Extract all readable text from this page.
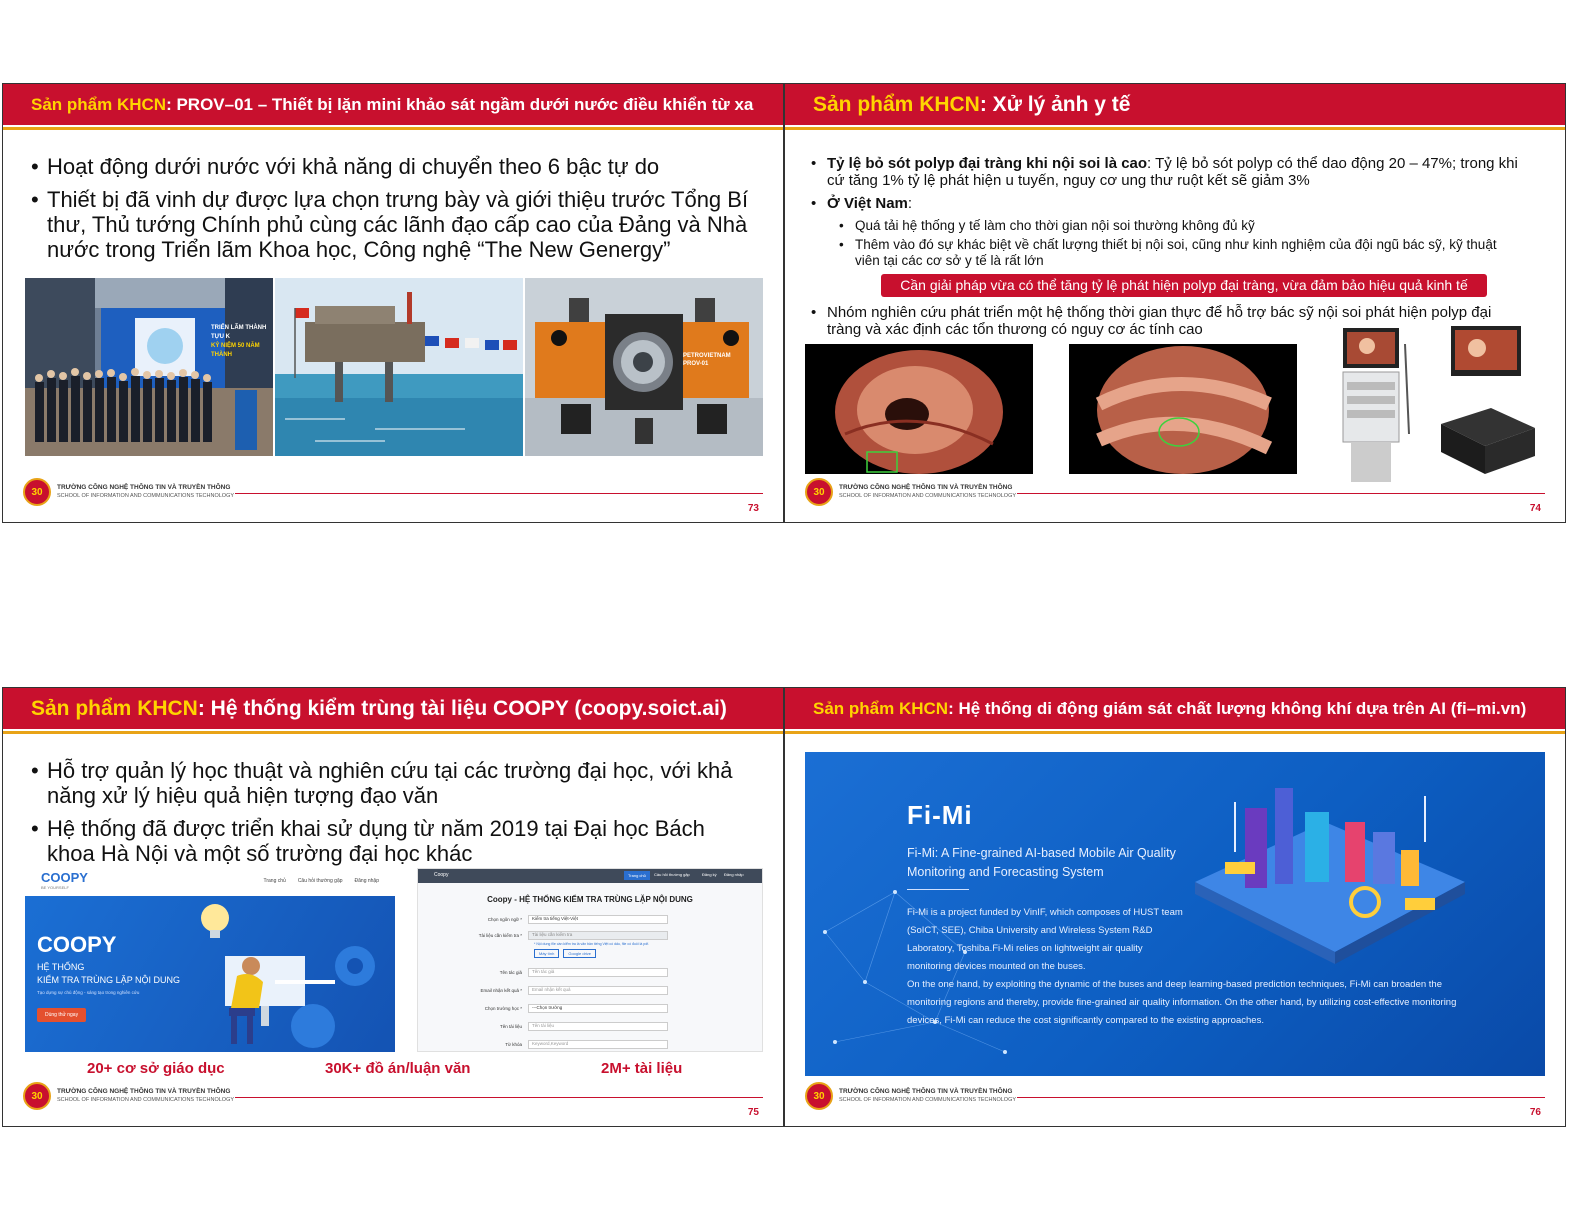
Sản phẩm KHCN : PROV–01 – Thiết bị lặn mini khảo sát ngầm dưới nước điều khiển từ xa
• Hoạt động dưới nước với khả năng di chuyển theo 6 bậc tự do
• Thiết bị đã vinh dự được lựa chọn trưng bày và giới thiệu trước Tổng Bí thư, Thủ tướng Chính phủ cùng các lãnh đạo cấp cao của Đảng và Nhà nước trong Triển lãm Khoa học, Công nghệ “The New Genergy”
TRIỂN LÃM THÀNH TỰU K
KỶ NIỆM 50 NĂM THÀNH	PETROVIETNAM
PROV-01
30	TRƯỜNG CÔNG NGHỆ THÔNG TIN VÀ TRUYỀN THÔNG
SCHOOL OF INFORMATION AND COMMUNICATIONS TECHNOLOGY
73
Sản phẩm KHCN : Xử lý ảnh y tế
• Tỷ lệ bỏ sót polyp đại tràng khi nội soi là cao: Tỷ lệ bỏ sót polyp có thể dao động 20 – 47%; trong khi cứ tăng 1% tỷ lệ phát hiện u tuyến, nguy cơ ung thư ruột kết sẽ giảm 3%
• Ở Việt Nam:
• Quá tải hệ thống y tế làm cho thời gian nội soi thường không đủ kỹ
• Thêm vào đó sự khác biệt về chất lượng thiết bị nội soi, cũng như kinh nghiệm của đội ngũ bác sỹ, kỹ thuật viên tại các cơ sở y tế là rất lớn
Cần giải pháp vừa có thể tăng tỷ lệ phát hiện polyp đại tràng, vừa đảm bảo hiệu quả kinh tế
• Nhóm nghiên cứu phát triển một hệ thống thời gian thực để hỗ trợ bác sỹ nội soi phát hiện polyp đại tràng và xác định các tổn thương có nguy cơ ác tính cao
30	TRƯỜNG CÔNG NGHỆ THÔNG TIN VÀ TRUYỀN THÔNG
SCHOOL OF INFORMATION AND COMMUNICATIONS TECHNOLOGY
74
Sản phẩm KHCN : Hệ thống kiểm trùng tài liệu COOPY (coopy.soict.ai)
• Hỗ trợ quản lý học thuật và nghiên cứu tại các trường đại học, với khả năng xử lý hiệu quả hiện tượng đạo văn
• Hệ thống đã được triển khai sử dụng từ năm 2019 tại Đại học Bách khoa Hà Nội và một số trường đại học khác
COOPY
BE YOURSELF
Trang chủ Câu hỏi thường gặp Đăng nhập
COOPY
HỆ THỐNG
KIỂM TRA TRÙNG LẶP NỘI DUNG
Tạo dựng sự chủ động - sáng tạo trong nghiên cứu
Dùng thử ngay
Coopy	Trang chủ	Câu hỏi thường gặp	Đăng ký Đăng nhập
Coopy - HỆ THỐNG KIỂM TRA TRÙNG LẶP NỘI DUNG
Chọn ngôn ngữ *	Kiểm tra tiếng Việt-Việt
Tài liệu cần kiểm tra *	Tài liệu cần kiểm tra
* Nội dung file cần kiểm tra là văn bản tiếng Việt có dấu, file có đuôi là pdf.
Máy tính	Google drive
Tên tác giả	Tên tác giả
Email nhận kết quả *	Email nhận kết quả
Chọn trường học *	---Chọn trường
Tên tài liệu	Tên tài liệu
Từ khóa	Keyword,Keyword
20+ cơ sở giáo dục	30K+ đồ án/luận văn	2M+ tài liệu
30	TRƯỜNG CÔNG NGHỆ THÔNG TIN VÀ TRUYỀN THÔNG
SCHOOL OF INFORMATION AND COMMUNICATIONS TECHNOLOGY
75
Sản phẩm KHCN : Hệ thống di động giám sát chất lượng không khí dựa trên AI (fi–mi.vn)
Fi-Mi
Fi-Mi: A Fine-grained AI-based Mobile Air Quality Monitoring and Forecasting System
Fi-Mi is a project funded by VinIF, which composes of HUST team (SoICT, SEE), Chiba University and Wireless System R&D Laboratory, Toshiba.Fi-Mi relies on lightweight air quality monitoring devices mounted on the buses.
On the one hand, by exploiting the dynamic of the buses and deep learning-based prediction techniques, Fi-Mi can broaden the monitoring regions and thereby, provide fine-grained air quality information. On the other hand, by utilizing cost-effective monitoring devices, Fi-Mi can reduce the cost significantly compared to the existing approaches.
30	TRƯỜNG CÔNG NGHỆ THÔNG TIN VÀ TRUYỀN THÔNG
SCHOOL OF INFORMATION AND COMMUNICATIONS TECHNOLOGY
76
